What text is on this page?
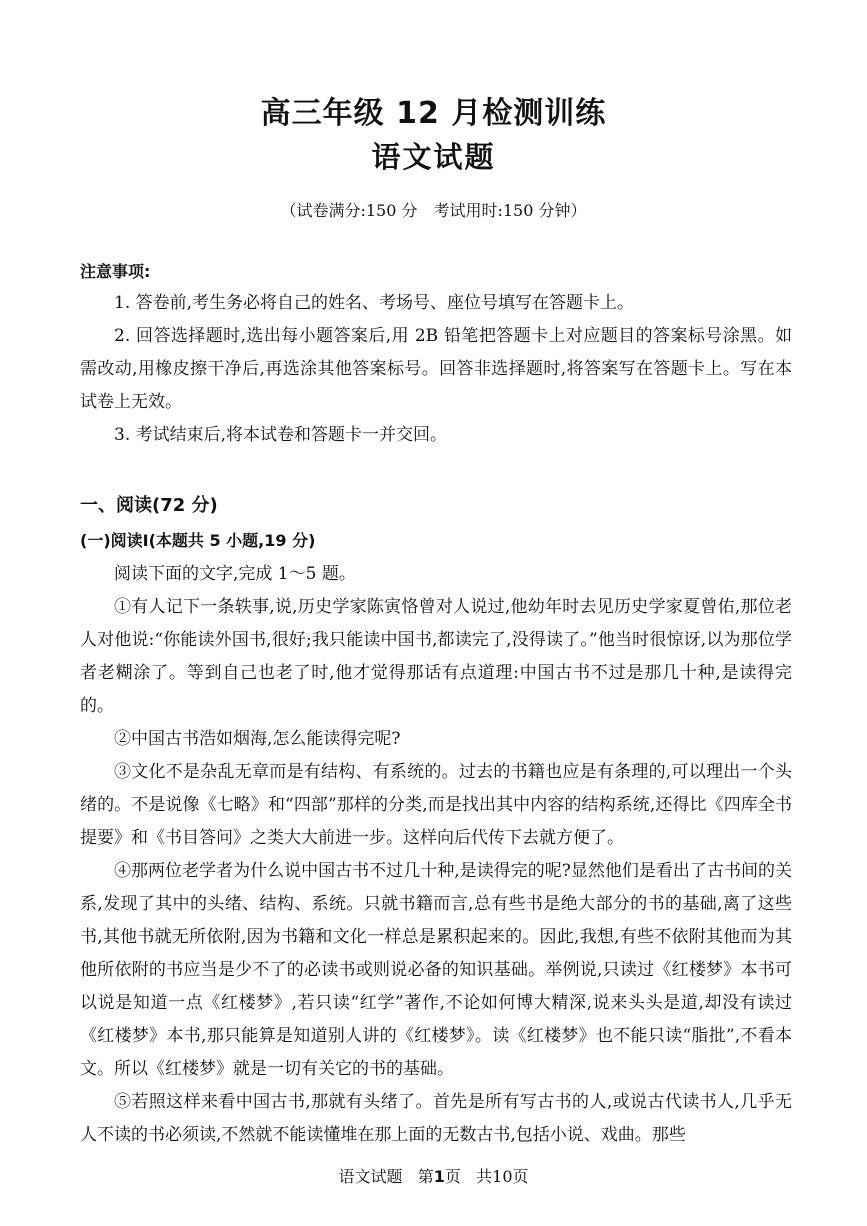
高三年级 12 月检测训练
语文试题
（试卷满分:150 分　考试用时:150 分钟）
注意事项:

1. 答卷前,考生务必将自己的姓名、考场号、座位号填写在答题卡上。

2. 回答选择题时,选出每小题答案后,用 2B 铅笔把答题卡上对应题目的答案标号涂黑。如需改动,用橡皮擦干净后,再选涂其他答案标号。回答非选择题时,将答案写在答题卡上。写在本试卷上无效。

3. 考试结束后,将本试卷和答题卡一并交回。

一、阅读(72 分)
(一)阅读Ⅰ(本题共 5 小题,19 分)

阅读下面的文字,完成 1～5 题。

①有人记下一条轶事,说,历史学家陈寅恪曾对人说过,他幼年时去见历史学家夏曾佑,那位老人对他说:“你能读外国书,很好;我只能读中国书,都读完了,没得读了。”他当时很惊讶,以为那位学者老糊涂了。等到自己也老了时,他才觉得那话有点道理:中国古书不过是那几十种,是读得完的。

②中国古书浩如烟海,怎么能读得完呢?

③文化不是杂乱无章而是有结构、有系统的。过去的书籍也应是有条理的,可以理出一个头绪的。不是说像《七略》和“四部”那样的分类,而是找出其中内容的结构系统,还得比《四库全书提要》和《书目答问》之类大大前进一步。这样向后代传下去就方便了。

④那两位老学者为什么说中国古书不过几十种,是读得完的呢?显然他们是看出了古书间的关系,发现了其中的头绪、结构、系统。只就书籍而言,总有些书是绝大部分的书的基础,离了这些书,其他书就无所依附,因为书籍和文化一样总是累积起来的。因此,我想,有些不依附其他而为其他所依附的书应当是少不了的必读书或则说必备的知识基础。举例说,只读过《红楼梦》本书可以说是知道一点《红楼梦》,若只读“红学”著作,不论如何博大精深,说来头头是道,却没有读过《红楼梦》本书,那只能算是知道别人讲的《红楼梦》。读《红楼梦》也不能只读“脂批”,不看本文。所以《红楼梦》就是一切有关它的书的基础。

⑤若照这样来看中国古书,那就有头绪了。首先是所有写古书的人,或说古代读书人,几乎无人不读的书必须读,不然就不能读懂堆在那上面的无数古书,包括小说、戏曲。那些

语文试题 第1页 共10页
